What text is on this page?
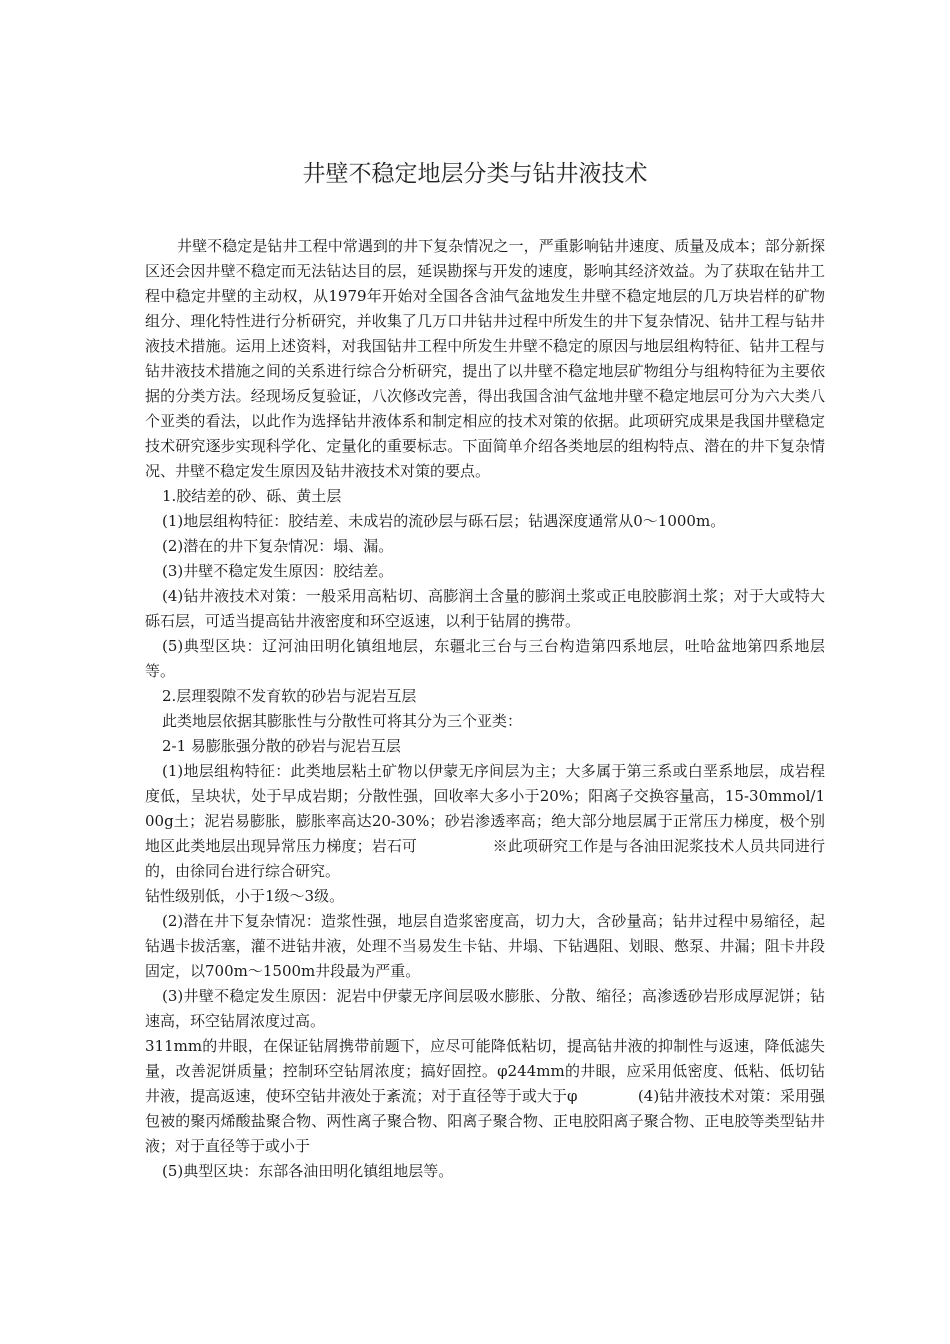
井壁不稳定地层分类与钻井液技术

井壁不稳定是钻井工程中常遇到的井下复杂情况之一，严重影响钻井速度、质量及成本；部分新探区还会因井壁不稳定而无法钻达目的层，延误勘探与开发的速度，影响其经济效益。为了获取在钻井工程中稳定井壁的主动权，从1979年开始对全国各含油气盆地发生井壁不稳定地层的几万块岩样的矿物组分、理化特性进行分析研究，并收集了几万口井钻井过程中所发生的井下复杂情况、钻井工程与钻井液技术措施。运用上述资料，对我国钻井工程中所发生井壁不稳定的原因与地层组构特征、钻井工程与钻井液技术措施之间的关系进行综合分析研究，提出了以井壁不稳定地层矿物组分与组构特征为主要依据的分类方法。经现场反复验证，八次修改完善，得出我国含油气盆地井壁不稳定地层可分为六大类八个亚类的看法，以此作为选择钻井液体系和制定相应的技术对策的依据。此项研究成果是我国井壁稳定技术研究逐步实现科学化、定量化的重要标志。下面简单介绍各类地层的组构特点、潜在的井下复杂情况、井壁不稳定发生原因及钻井液技术对策的要点。

1.胶结差的砂、砾、黄土层

(1)地层组构特征：胶结差、未成岩的流砂层与砾石层；钻遇深度通常从0～1000m。

(2)潜在的井下复杂情况：塌、漏。

(3)井壁不稳定发生原因：胶结差。

(4)钻井液技术对策：一般采用高粘切、高膨润土含量的膨润土浆或正电胶膨润土浆；对于大或特大砾石层，可适当提高钻井液密度和环空返速，以利于钻屑的携带。

(5)典型区块：辽河油田明化镇组地层，东疆北三台与三台构造第四系地层，吐哈盆地第四系地层等。

2.层理裂隙不发育软的砂岩与泥岩互层

此类地层依据其膨胀性与分散性可将其分为三个亚类：

2-1 易膨胀强分散的砂岩与泥岩互层

(1)地层组构特征：此类地层粘土矿物以伊蒙无序间层为主；大多属于第三系或白垩系地层，成岩程度低，呈块状，处于早成岩期；分散性强，回收率大多小于20%；阳离子交换容量高，15-30mmol/100g土；泥岩易膨胀，膨胀率高达20-30%；砂岩渗透率高；绝大部分地层属于正常压力梯度，极个别地区此类地层出现异常压力梯度；岩石可　　　　　※此项研究工作是与各油田泥浆技术人员共同进行的，由徐同台进行综合研究。

钻性级别低，小于1级～3级。

(2)潜在井下复杂情况：造浆性强，地层自造浆密度高，切力大，含砂量高；钻井过程中易缩径，起钻遇卡拔活塞，灌不进钻井液，处理不当易发生卡钻、井塌、下钻遇阻、划眼、憋泵、井漏；阻卡井段固定，以700m～1500m井段最为严重。

(3)井壁不稳定发生原因：泥岩中伊蒙无序间层吸水膨胀、分散、缩径；高渗透砂岩形成厚泥饼；钻速高，环空钻屑浓度过高。

311mm的井眼，在保证钻屑携带前题下，应尽可能降低粘切，提高钻井液的抑制性与返速，降低滤失量，改善泥饼质量；控制环空钻屑浓度；搞好固控。φ244mm的井眼，应采用低密度、低粘、低切钻井液，提高返速，使环空钻井液处于紊流；对于直径等于或大于φ　　　　(4)钻井液技术对策：采用强包被的聚丙烯酸盐聚合物、两性离子聚合物、阳离子聚合物、正电胶阳离子聚合物、正电胶等类型钻井液；对于直径等于或小于

(5)典型区块：东部各油田明化镇组地层等。
